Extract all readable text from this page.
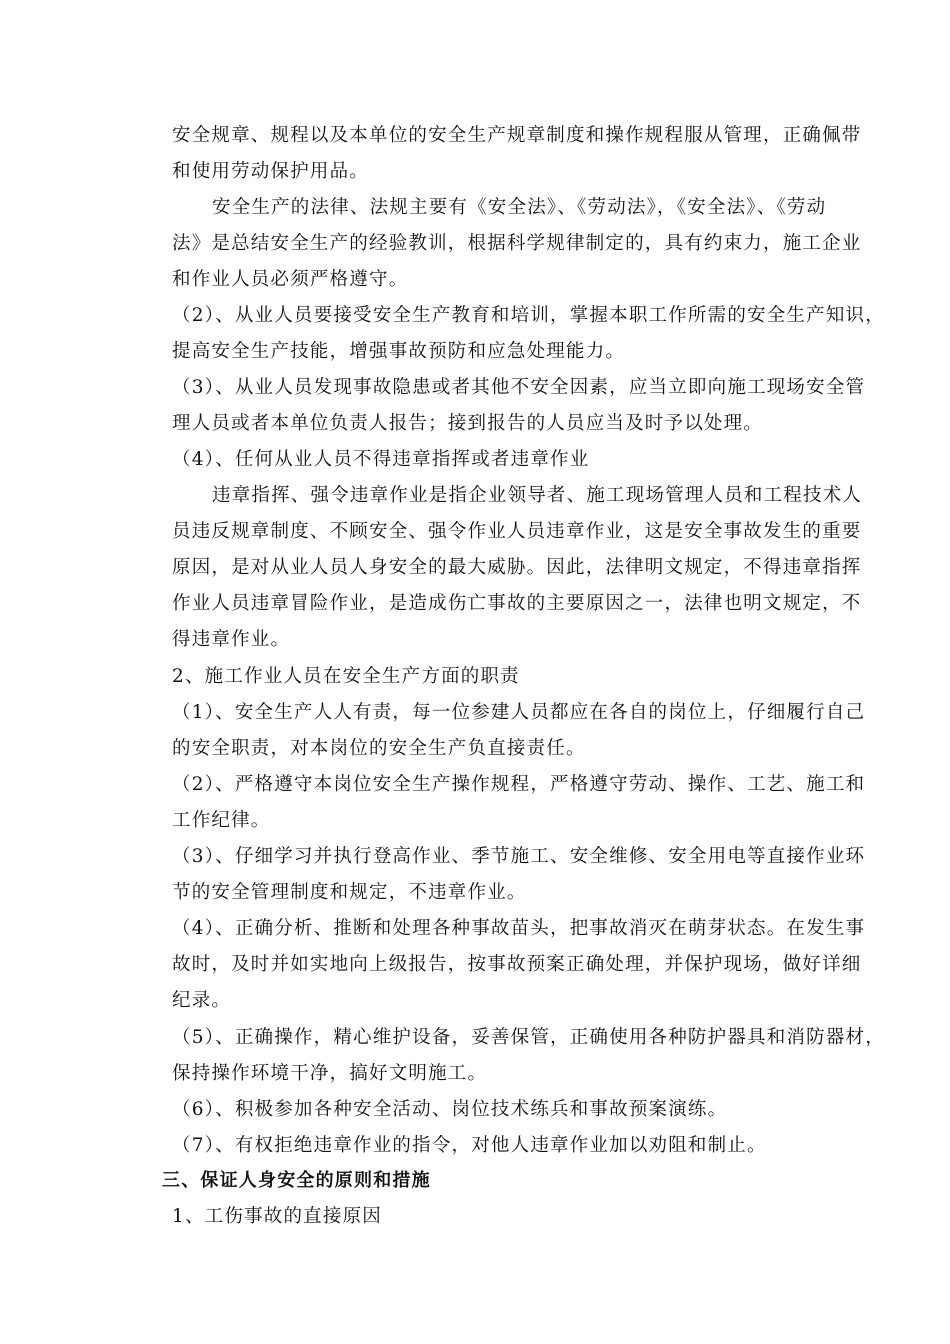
安全规章、规程以及本单位的安全生产规章制度和操作规程服从管理，正确佩带
和使用劳动保护用品。
安全生产的法律、法规主要有《安全法》、《劳动法》，《安全法》、《劳动
法》是总结安全生产的经验教训，根据科学规律制定的，具有约束力，施工企业
和作业人员必须严格遵守。
（2）、从业人员要接受安全生产教育和培训，掌握本职工作所需的安全生产知识，
提高安全生产技能，增强事故预防和应急处理能力。
（3）、从业人员发现事故隐患或者其他不安全因素，应当立即向施工现场安全管
理人员或者本单位负责人报告；接到报告的人员应当及时予以处理。
（4）、任何从业人员不得违章指挥或者违章作业
违章指挥、强令违章作业是指企业领导者、施工现场管理人员和工程技术人
员违反规章制度、不顾安全、强令作业人员违章作业，这是安全事故发生的重要
原因，是对从业人员人身安全的最大威胁。因此，法律明文规定，不得违章指挥
作业人员违章冒险作业，是造成伤亡事故的主要原因之一，法律也明文规定，不
得违章作业。
2、施工作业人员在安全生产方面的职责
（1）、安全生产人人有责，每一位参建人员都应在各自的岗位上，仔细履行自己
的安全职责，对本岗位的安全生产负直接责任。
（2）、严格遵守本岗位安全生产操作规程，严格遵守劳动、操作、工艺、施工和
工作纪律。
（3）、仔细学习并执行登高作业、季节施工、安全维修、安全用电等直接作业环
节的安全管理制度和规定，不违章作业。
（4）、正确分析、推断和处理各种事故苗头，把事故消灭在萌芽状态。在发生事
故时，及时并如实地向上级报告，按事故预案正确处理，并保护现场，做好详细
纪录。
（5）、正确操作，精心维护设备，妥善保管，正确使用各种防护器具和消防器材，
保持操作环境干净，搞好文明施工。
（6）、积极参加各种安全活动、岗位技术练兵和事故预案演练。
（7）、有权拒绝违章作业的指令，对他人违章作业加以劝阻和制止。
三、保证人身安全的原则和措施
1、工伤事故的直接原因
